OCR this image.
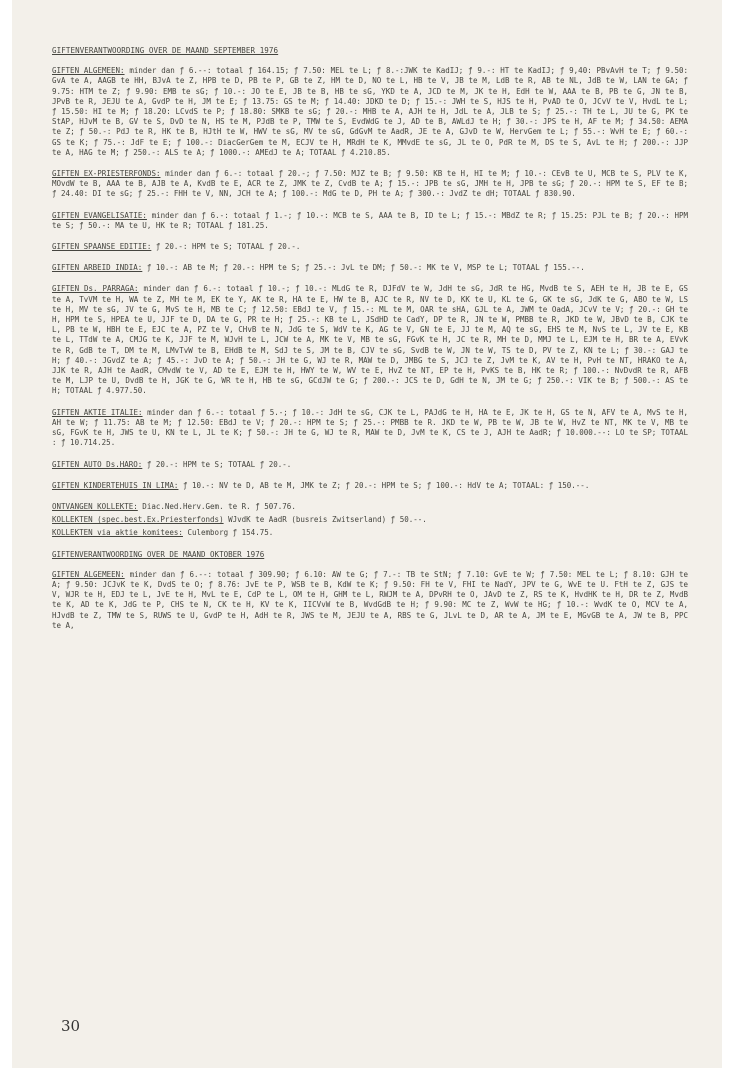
GIFTENVERANTWOORDING OVER DE MAAND SEPTEMBER 1976

GIFTEN ALGEMEEN: minder dan ƒ 6.--: totaal ƒ 164.15; ƒ 7.50: MEL te L; ƒ 8.-:JWK te KadIJ; ƒ 9.-: HT te KadIJ; ƒ 9,40: PBvAvH te T; ƒ 9.50: GvA te A, AAGB te HH, BJvA te Z, HPB te D, PB te P, GB te Z, HM te D, NO te L, HB te V, JB te M, LdB te R, AB te NL, JdB te W, LAN te GA; ƒ 9.75: HTM te Z; ƒ 9.90: EMB te sG; ƒ 10.-: JO te E, JB te B, HB te sG, YKD te A, JCD te M, JK te H, EdH te W, AAA te B, PB te G, JN te B, JPvB te R, JEJU te A, GvdP te H, JM te E; ƒ 13.75: GS te M; ƒ 14.40: JDKD te D; ƒ 15.-: JWH te S, HJS te H, PvAD te O, JCvV te V, HvdL te L; ƒ 15.50: HI te M; ƒ 18.20: LCvdS te P; ƒ 18.80: SMKB te sG; ƒ 20.-: MHB te A, AJH te H, JdL te A, JLB te S; ƒ 25.-: TH te L, JU te G, PK te StAP, HJvM te B, GV te S, DvD te N, HS te M, PJdB te P, TMW te S, EvdWdG te J, AD te B, AWLdJ te H; ƒ 30.-: JPS te H, AF te M; ƒ 34.50: AEMA te Z; ƒ 50.-: PdJ te R, HK te B, HJtH te W, HWV te sG, MV te sG, GdGvM te AadR, JE te A, GJvD te W, HervGem te L; ƒ 55.-: WvH te E; ƒ 60.-: GS te K; ƒ 75.-: JdF te E; ƒ 100.-: DiacGerGem te M, ECJV te H, MRdH te K, MMvdE te sG, JL te O, PdR te M, DS te S, AvL te H; ƒ 200.-: JJP te A, HAG te M; ƒ 250.-: ALS te A; ƒ 1000.-: AMEdJ te A; TOTAAL ƒ 4.210.85.

GIFTEN EX-PRIESTERFONDS: minder dan ƒ 6.-: totaal ƒ 20.-; ƒ 7.50: MJZ te B; ƒ 9.50: KB te H, HI te M; ƒ 10.-: CEvB te U, MCB te S, PLV te K, MOvdW te B, AAA te B, AJB te A, KvdB te E, ACR te Z, JMK te Z, CvdB te A; ƒ 15.-: JPB te sG, JMH te H, JPB te sG; ƒ 20.-: HPM te S, EF te B; ƒ 24.40: DI te sG; ƒ 25.-: FHH te V, NN, JCH te A; ƒ 100.-: MdG te D, PH te A; ƒ 300.-: JvdZ te dH; TOTAAL ƒ 830.90.

GIFTEN EVANGELISATIE: minder dan ƒ 6.-: totaal ƒ 1.-; ƒ 10.-: MCB te S, AAA te B, ID te L; ƒ 15.-: MBdZ te R; ƒ 15.25: PJL te B; ƒ 20.-: HPM te S; ƒ 50.-: MA te U, HK te R; TOTAAL ƒ 181.25.

GIFTEN SPAANSE EDITIE: ƒ 20.-: HPM te S; TOTAAL ƒ 20.-.

GIFTEN ARBEID INDIA: ƒ 10.-: AB te M; ƒ 20.-: HPM te S; ƒ 25.-: JvL te DM; ƒ 50.-: MK te V, MSP te L; TOTAAL ƒ 155.--.

GIFTEN Ds. PARRAGA: minder dan ƒ 6.-: totaal ƒ 10.-; ƒ 10.-: MLdG te R, DJFdV te W, JdH te sG, JdR te HG, MvdB te S, AEH te H, JB te E, GS te A, TvVM te H, WA te Z, MH te M, EK te Y, AK te R, HA te E, HW te B, AJC te R, NV te D, KK te U, KL te G, GK te sG, JdK te G, ABO te W, LS te H, MV te sG, JV te G, MvS te H, MB te C; ƒ 12.50: EBdJ te V, ƒ 15.-: ML te M, OAR te sHA, GJL te A, JWM te OadA, JCvV te V; ƒ 20.-: GH te H, HPM te S, HPEA te U, JJF te D, DA te G, PR te H; ƒ 25.-: KB te L, JSdHD te CadY, DP te R, JN te W, PMBB te R, JKD te W, JBvD te B, CJK te L, PB te W, HBH te E, EJC te A, PZ te V, CHvB te N, JdG te S, WdV te K, AG te V, GN te E, JJ te M, AQ te sG, EHS te M, NvS te L, JV te E, KB te L, TTdW te A, CMJG te K, JJF te M, WJvH te L, JCW te A, MK te V, MB te sG, FGvK te H, JC te R, MH te D, MMJ te L, EJM te H, BR te A, EVvK te R, GdB te T, DM te M, LMvTvW te B, EHdB te M, SdJ te S, JM te B, CJV te sG, SvdB te W, JN te W, TS te D, PV te Z, KN te L; ƒ 30.-: GAJ te H; ƒ 40.-: JGvdZ te A; ƒ 45.-: JvD te A; ƒ 50.-: JH te G, WJ te R, MAW te D, JMBG te S, JCJ te Z, JvM te K, AV te H, PvH te NT, HRAKO te A, JJK te R, AJH te AadR, CMvdW te V, AD te E, EJM te H, HWY te W, WV te E, HvZ te NT, EP te H, PvKS te B, HK te R; ƒ 100.-: NvDvdR te R, AFB te M, LJP te U, DvdB te H, JGK te G, WR te H, HB te sG, GCdJW te G; ƒ 200.-: JCS te D, GdH te N, JM te G; ƒ 250.-: VIK te B; ƒ 500.-: AS te H; TOTAAL ƒ 4.977.50.

GIFTEN AKTIE ITALIE: minder dan ƒ 6.-: totaal ƒ 5.-; ƒ 10.-: JdH te sG, CJK te L, PAJdG te H, HA te E, JK te H, GS te N, AFV te A, MvS te H, AH te W; ƒ 11.75: AB te M; ƒ 12.50: EBdJ te V; ƒ 20.-: HPM te S; ƒ 25.-: PMBB te R. JKD te W, PB te W, JB te W, HvZ te NT, MK te V, MB te sG, FGvK te H, JWS te U, KN te L, JL te K; ƒ 50.-: JH te G, WJ te R, MAW te D, JvM te K, CS te J, AJH te AadR; ƒ 10.000.--: LO te SP; TOTAAL : ƒ 10.714.25.

GIFTEN AUTO Ds.HARO: ƒ 20.-: HPM te S; TOTAAL ƒ 20.-.

GIFTEN KINDERTEHUIS IN LIMA: ƒ 10.-: NV te D, AB te M, JMK te Z; ƒ 20.-: HPM te S; ƒ 100.-: HdV te A; TOTAAL: ƒ 150.--.

ONTVANGEN KOLLEKTE: Diac.Ned.Herv.Gem. te R. ƒ 507.76.

KOLLEKTEN (spec.best.Ex.Priesterfonds) WJvdK te AadR (busreis Zwitserland) ƒ 50.--.

KOLLEKTEN via aktie komitees: Culemborg ƒ 154.75.

GIFTENVERANTWOORDING OVER DE MAAND OKTOBER 1976

GIFTEN ALGEMEEN: minder dan ƒ 6.--: totaal ƒ 309.90; ƒ 6.10: AW te G; ƒ 7.-: TB te StN; ƒ 7.10: GvE te W; ƒ 7.50: MEL te L; ƒ 8.10: GJH te A; ƒ 9.50: JCJvK te K, DvdS te O; ƒ 8.76: JvE te P, WSB te B, KdW te K; ƒ 9.50: FH te V, FHI te NadY, JPV te G, WvE te U. FtH te Z, GJS te V, WJR te H, EDJ te L, JvE te H, MvL te E, CdP te L, OM te H, GHM te L, RWJM te A, DPvRH te O, JAvD te Z, RS te K, HvdHK te H, DR te Z, MvdB te K, AD te K, JdG te P, CHS te N, CK te H, KV te K, IICVvW te B, WvdGdB te H; ƒ 9.90: MC te Z, WvW te HG; ƒ 10.-: WvdK te O, MCV te A, HJvdB te Z, TMW te S, RUWS te U, GvdP te H, AdH te R, JWS te M, JEJU te A, RBS te G, JLvL te D, AR te A, JM te E, MGvGB te A, JW te B, PPC te A,

30
